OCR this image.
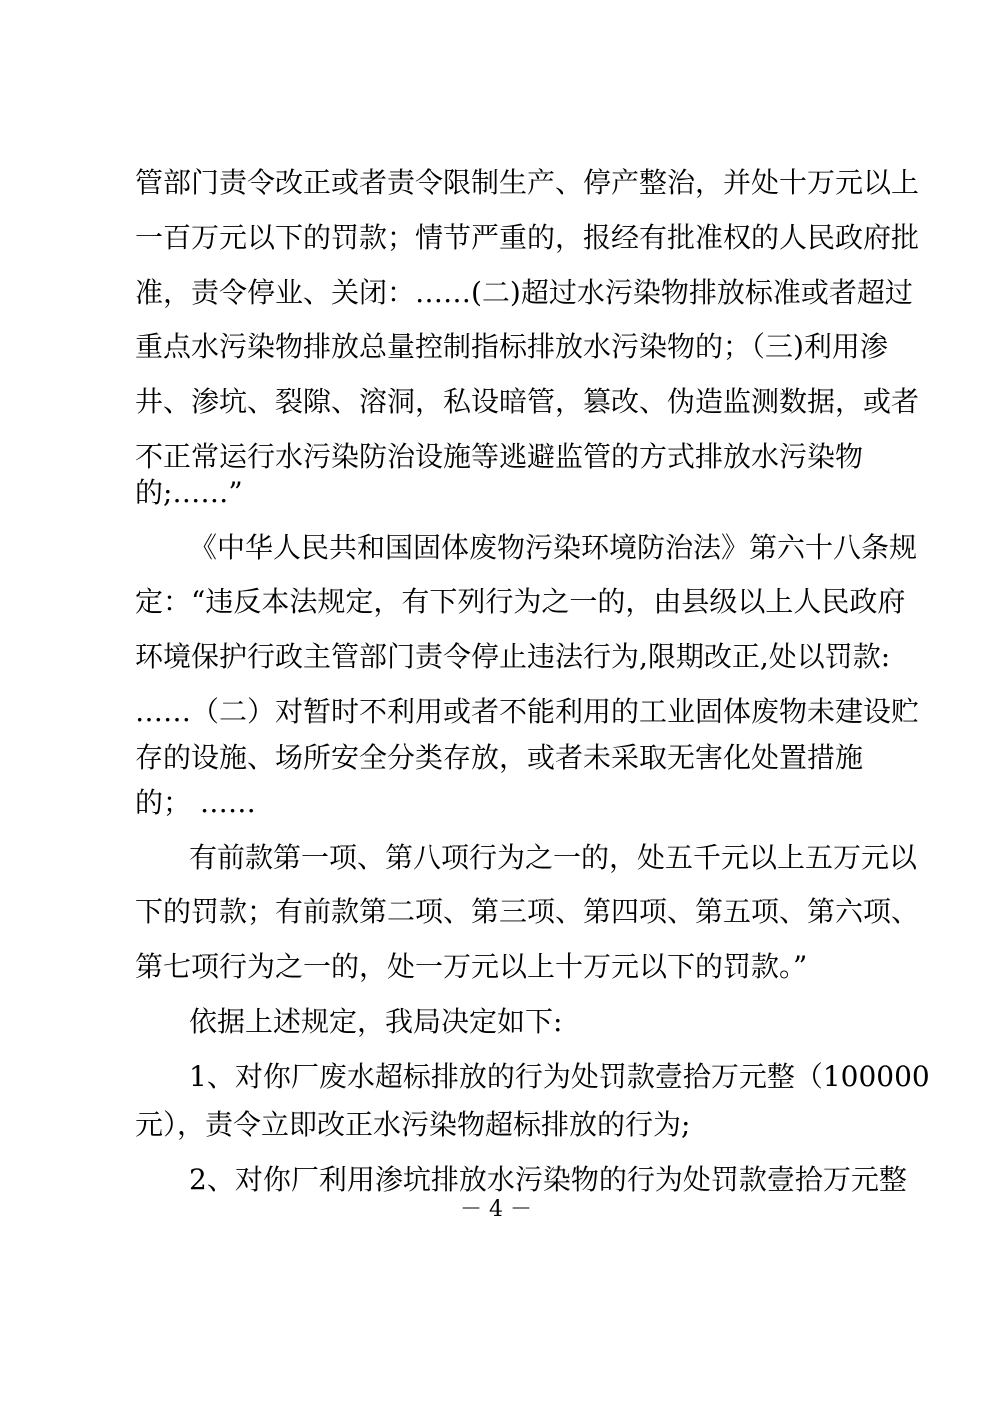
管部门责令改正或者责令限制生产、停产整治，并处十万元以上
一百万元以下的罚款；情节严重的，报经有批准权的人民政府批
准，责令停业、关闭：……(二)超过水污染物排放标准或者超过
重点水污染物排放总量控制指标排放水污染物的；（三)利用渗
井、渗坑、裂隙、溶洞，私设暗管，篡改、伪造监测数据，或者
不正常运行水污染防治设施等逃避监管的方式排放水污染物
的;……”
《中华人民共和国固体废物污染环境防治法》第六十八条规
定：“违反本法规定，有下列行为之一的，由县级以上人民政府
环境保护行政主管部门责令停止违法行为,限期改正,处以罚款:
……（二）对暂时不利用或者不能利用的工业固体废物未建设贮
存的设施、场所安全分类存放，或者未采取无害化处置措施
的； ……
有前款第一项、第八项行为之一的，处五千元以上五万元以
下的罚款；有前款第二项、第三项、第四项、第五项、第六项、
第七项行为之一的，处一万元以上十万元以下的罚款。”
依据上述规定，我局决定如下:
1、对你厂废水超标排放的行为处罚款壹拾万元整（100000
元），责令立即改正水污染物超标排放的行为;
2、对你厂利用渗坑排放水污染物的行为处罚款壹拾万元整
－ 4 －
